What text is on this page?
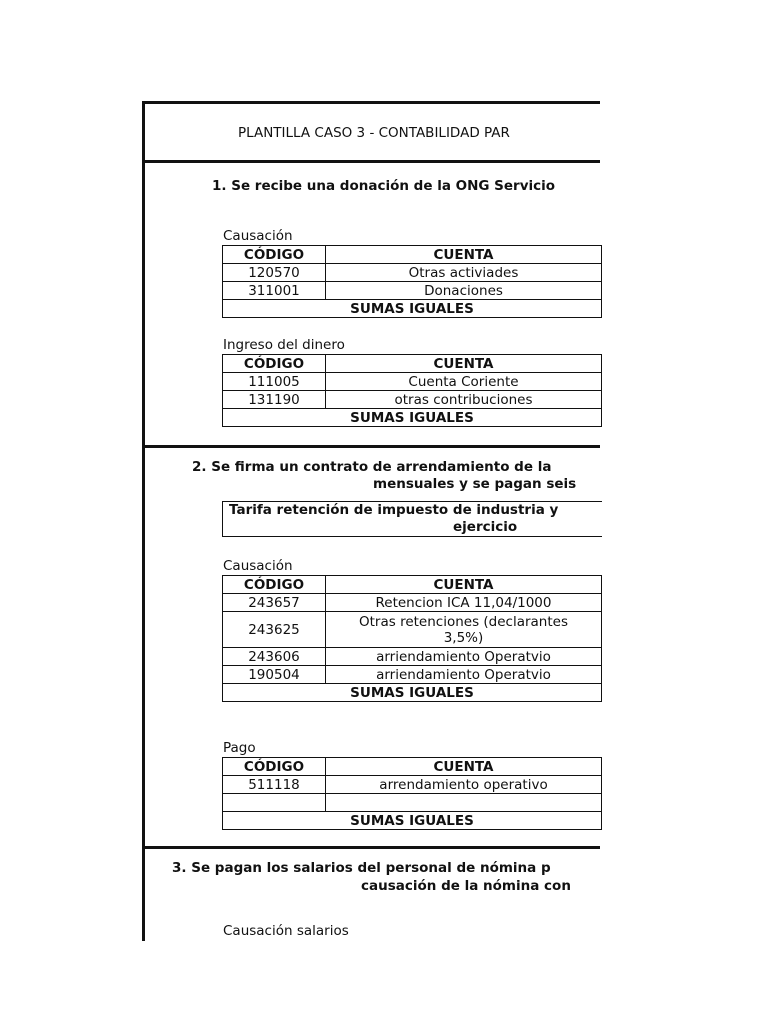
PLANTILLA CASO 3 - CONTABILIDAD PAR
1. Se recibe una donación de la ONG Servicio
Causación
CÓDIGO	CUENTA
120570	Otras activiades
311001	Donaciones
SUMAS IGUALES	
Ingreso del dinero
CÓDIGO	CUENTA
111005	Cuenta Coriente
131190	otras contribuciones
SUMAS IGUALES	
2. Se firma un contrato de arrendamiento de la
mensuales y se pagan seis
Tarifa retención de impuesto de industria y
ejercicio
Causación
CÓDIGO	CUENTA
243657	Retencion ICA 11,04/1000
243625	Otras retenciones (declarantes 3,5%)
243606	arriendamiento Operatvio
190504	arriendamiento Operatvio
SUMAS IGUALES	
Pago
CÓDIGO	CUENTA
511118	arrendamiento operativo

SUMAS IGUALES	
3. Se pagan los salarios del personal de nómina p
causación de la nómina con
Causación salarios
